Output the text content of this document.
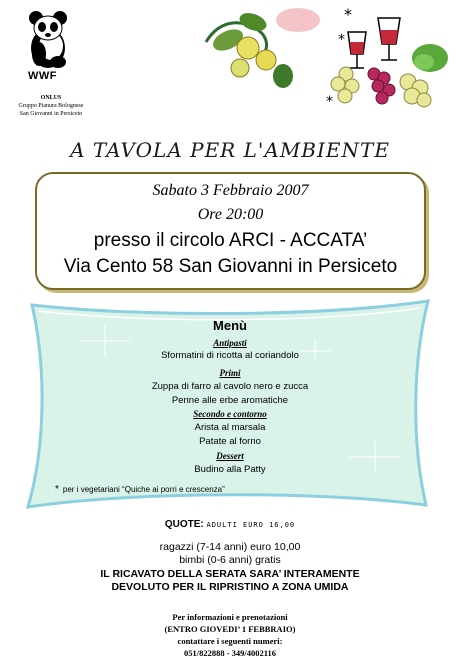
WWF
ONLUS
Gruppo Pianura Bolognese
San Giovanni in Persiceto
*
*
*
A TAVOLA PER L'AMBIENTE
Sabato 3 Febbraio 2007
Ore 20:00
presso il circolo ARCI - ACCATA’
Via Cento 58 San Giovanni in Persiceto
Menù
Antipasti
Sformatini di ricotta al coriandolo
Primi
Zuppa di farro al cavolo nero e zucca
Penne alle erbe aromatiche
Secondo e contorno
Arista al marsala
Patate al forno
Dessert
Budino alla Patty
* per i vegetariani “Quiche ai porri e crescenza”
QUOTE: ADULTI EURO 16,00
ragazzi (7-14 anni) euro 10,00
bimbi (0-6 anni) gratis
IL RICAVATO DELLA SERATA SARA’ INTERAMENTE
DEVOLUTO PER IL RIPRISTINO A ZONA UMIDA
Per informazioni e prenotazioni
(ENTRO GIOVEDI’ 1 FEBBRAIO)
contattare i seguenti numeri:
051/822888 - 349/4002116
